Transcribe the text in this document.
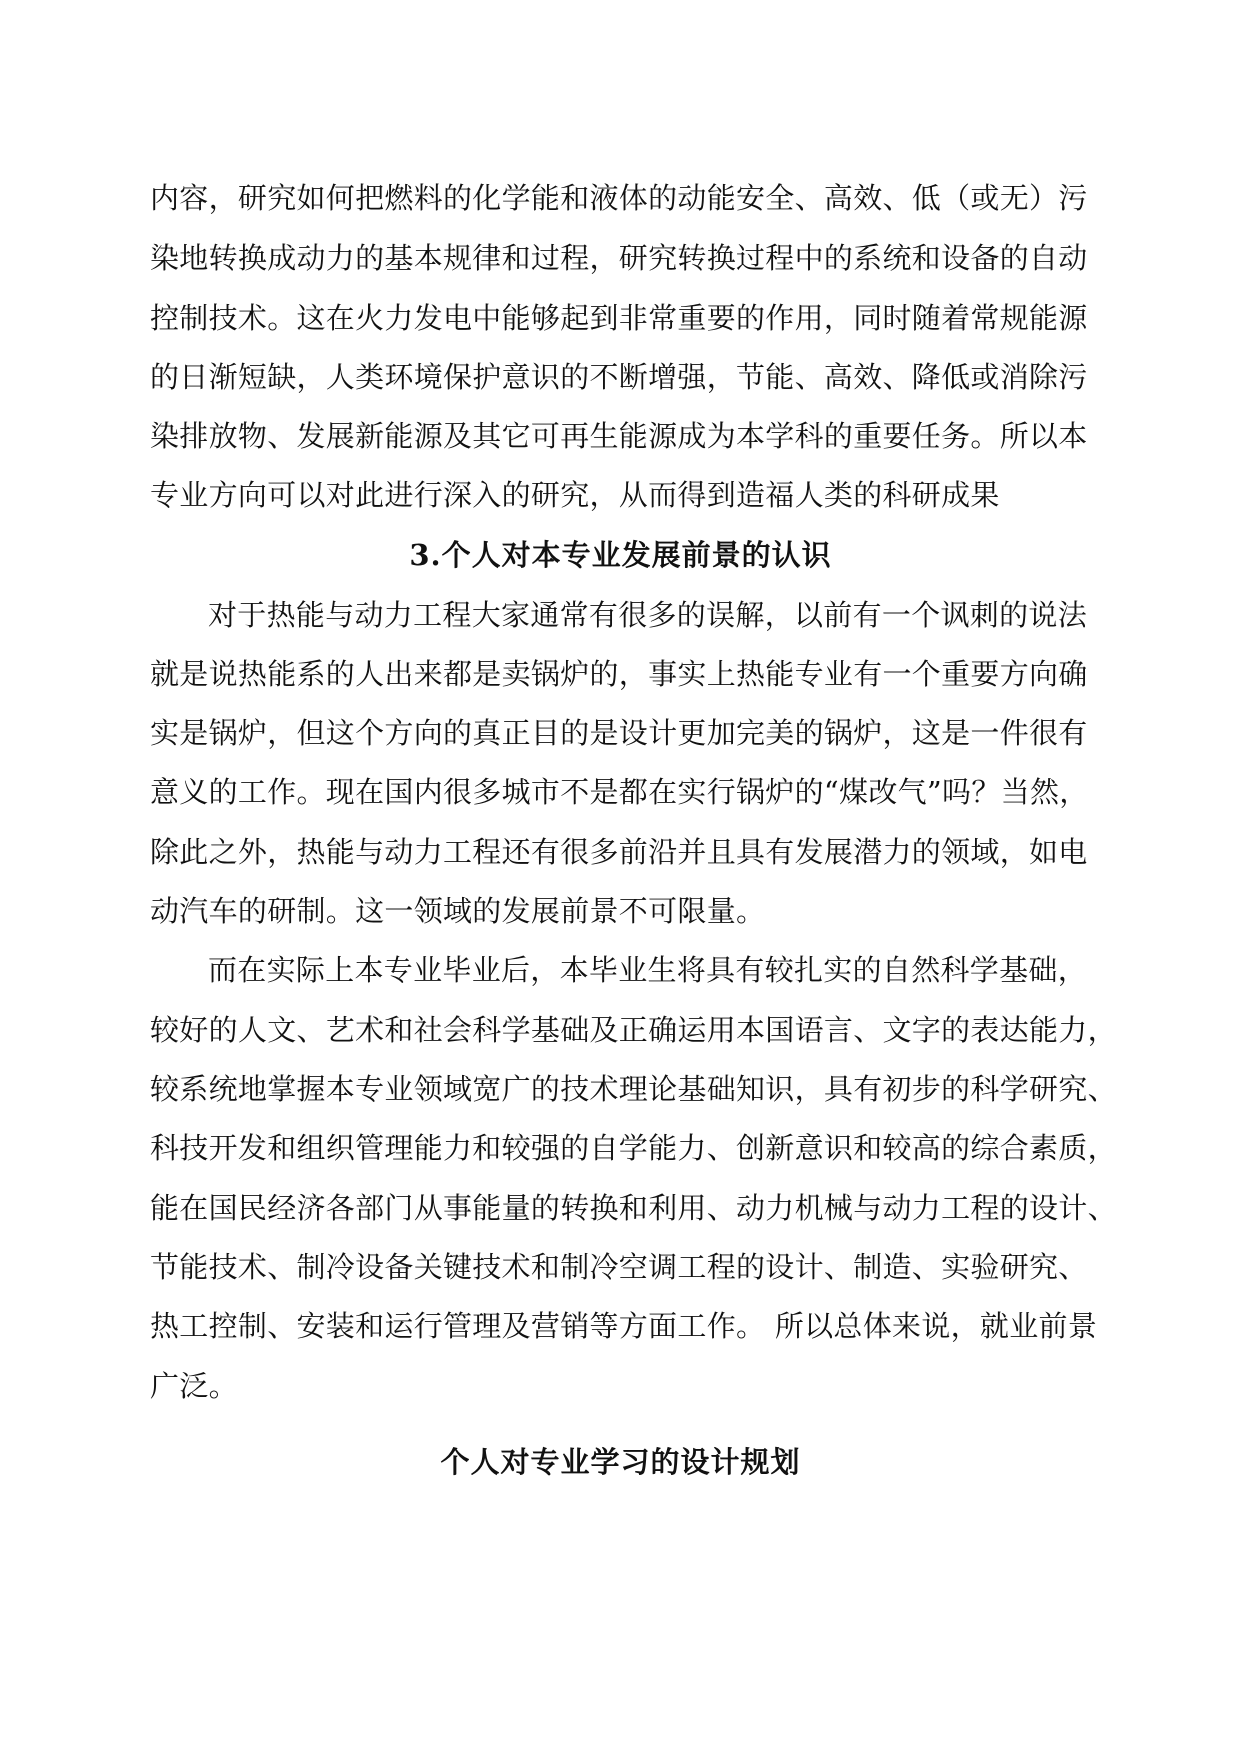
内容，研究如何把燃料的化学能和液体的动能安全、高效、低（或无）污
染地转换成动力的基本规律和过程，研究转换过程中的系统和设备的自动
控制技术。这在火力发电中能够起到非常重要的作用，同时随着常规能源
的日渐短缺，人类环境保护意识的不断增强，节能、高效、降低或消除污
染排放物、发展新能源及其它可再生能源成为本学科的重要任务。所以本
专业方向可以对此进行深入的研究，从而得到造福人类的科研成果
3.个人对本专业发展前景的认识
对于热能与动力工程大家通常有很多的误解，以前有一个讽刺的说法
就是说热能系的人出来都是卖锅炉的，事实上热能专业有一个重要方向确
实是锅炉，但这个方向的真正目的是设计更加完美的锅炉，这是一件很有
意义的工作。现在国内很多城市不是都在实行锅炉的“煤改气”吗？当然，
除此之外，热能与动力工程还有很多前沿并且具有发展潜力的领域，如电
动汽车的研制。这一领域的发展前景不可限量。
而在实际上本专业毕业后，本毕业生将具有较扎实的自然科学基础，
较好的人文、艺术和社会科学基础及正确运用本国语言、文字的表达能力，
较系统地掌握本专业领域宽广的技术理论基础知识，具有初步的科学研究、
科技开发和组织管理能力和较强的自学能力、创新意识和较高的综合素质，
能在国民经济各部门从事能量的转换和利用、动力机械与动力工程的设计、
节能技术、制冷设备关键技术和制冷空调工程的设计、制造、实验研究、
热工控制、安装和运行管理及营销等方面工作。 所以总体来说，就业前景
广泛。
个人对专业学习的设计规划
